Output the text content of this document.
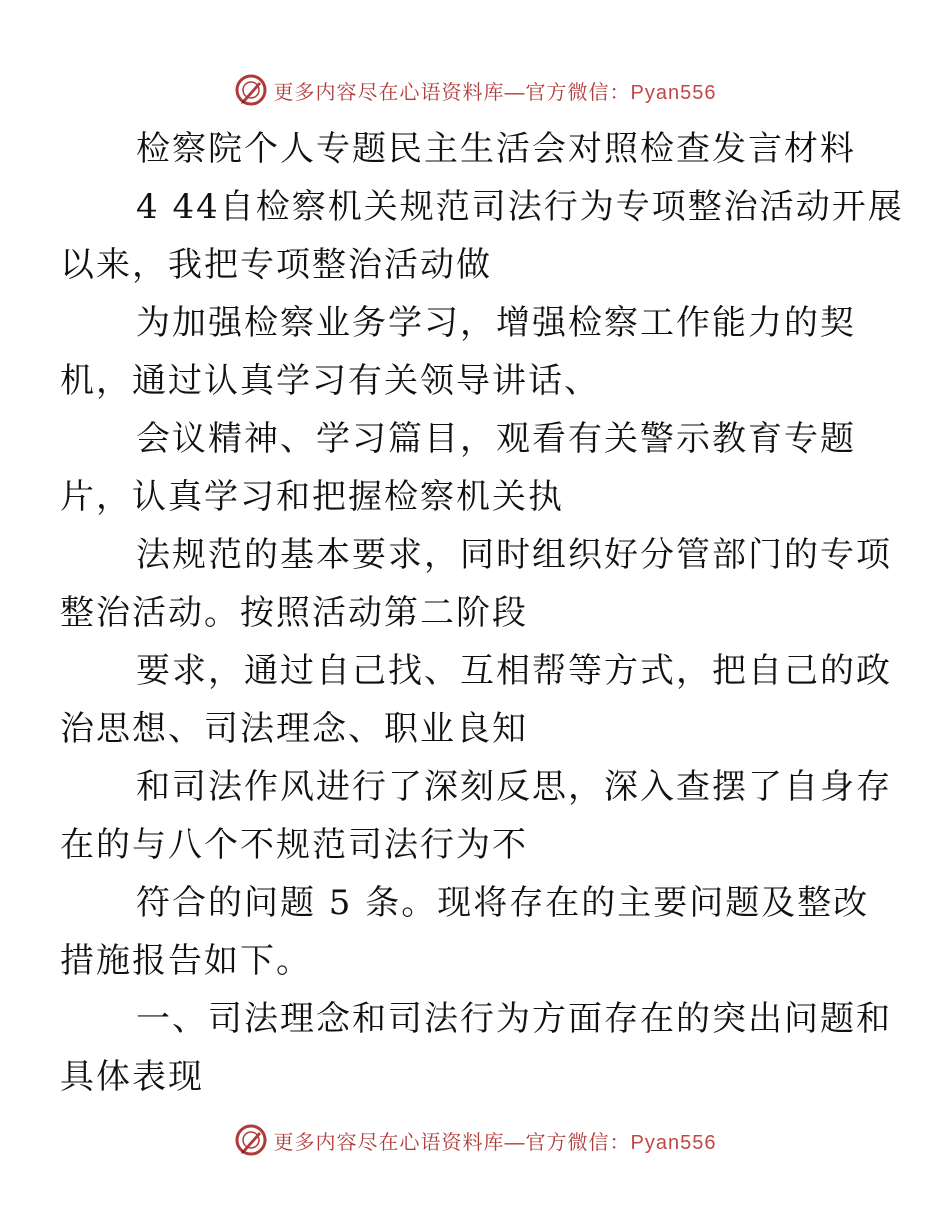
更多内容尽在心语资料库—官方微信：Pyan556

检察院个人专题民主生活会对照检查发言材料

4 44自检察机关规范司法行为专项整治活动开展
以来，我把专项整治活动做

为加强检察业务学习，增强检察工作能力的契
机，通过认真学习有关领导讲话、

会议精神、学习篇目，观看有关警示教育专题
片，认真学习和把握检察机关执

法规范的基本要求，同时组织好分管部门的专项
整治活动。按照活动第二阶段

要求，通过自己找、互相帮等方式，把自己的政
治思想、司法理念、职业良知

和司法作风进行了深刻反思，深入查摆了自身存
在的与八个不规范司法行为不

符合的问题 5 条。现将存在的主要问题及整改
措施报告如下。

一、司法理念和司法行为方面存在的突出问题和
具体表现

更多内容尽在心语资料库—官方微信：Pyan556
